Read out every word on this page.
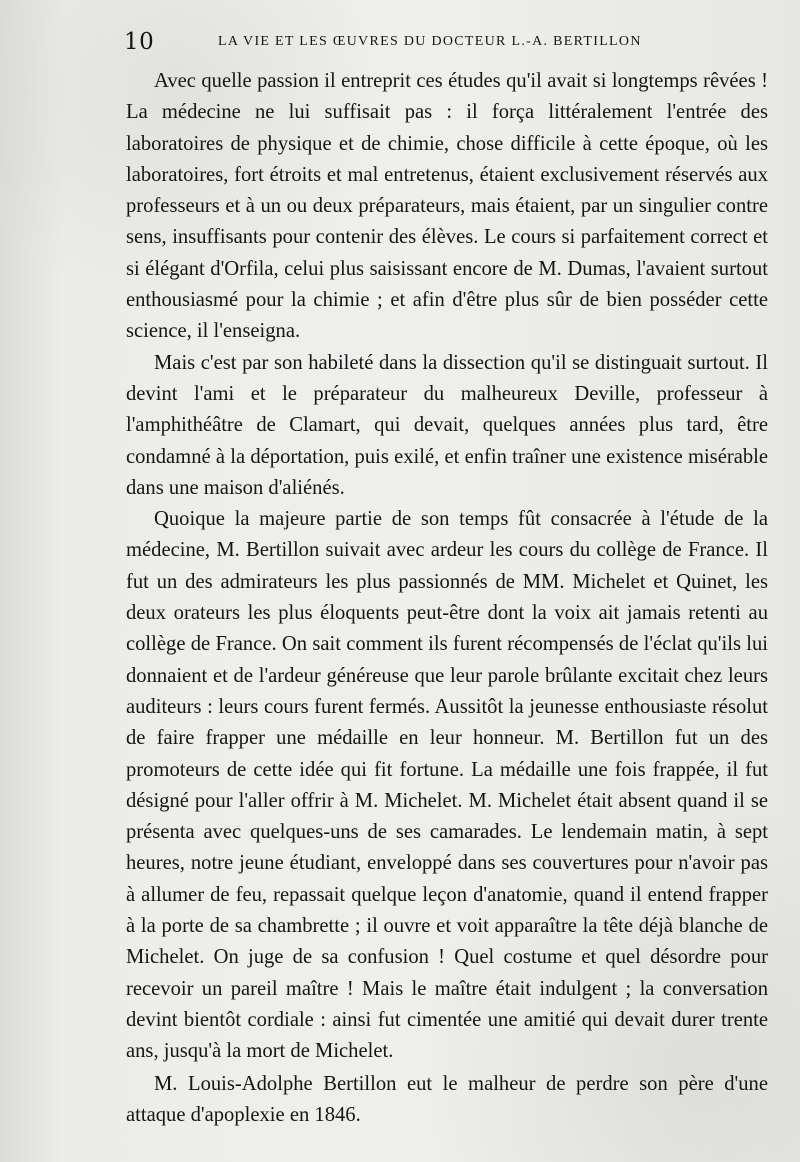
10	LA VIE ET LES ŒUVRES DU DOCTEUR L.-A. BERTILLON

Avec quelle passion il entreprit ces études qu'il avait si longtemps rêvées ! La médecine ne lui suffisait pas : il força littéralement l'entrée des laboratoires de physique et de chimie, chose difficile à cette époque, où les laboratoires, fort étroits et mal entretenus, étaient exclusivement réservés aux professeurs et à un ou deux préparateurs, mais étaient, par un singulier contre sens, insuffisants pour contenir des élèves. Le cours si parfaitement correct et si élégant d'Orfila, celui plus saisissant encore de M. Dumas, l'avaient surtout enthousiasmé pour la chimie ; et afin d'être plus sûr de bien posséder cette science, il l'enseigna.

Mais c'est par son habileté dans la dissection qu'il se distinguait surtout. Il devint l'ami et le préparateur du malheureux Deville, professeur à l'amphithéâtre de Clamart, qui devait, quelques années plus tard, être condamné à la déportation, puis exilé, et enfin traîner une existence misérable dans une maison d'aliénés.

Quoique la majeure partie de son temps fût consacrée à l'étude de la médecine, M. Bertillon suivait avec ardeur les cours du collège de France. Il fut un des admirateurs les plus passionnés de MM. Michelet et Quinet, les deux orateurs les plus éloquents peut-être dont la voix ait jamais retenti au collège de France. On sait comment ils furent récompensés de l'éclat qu'ils lui donnaient et de l'ardeur généreuse que leur parole brûlante excitait chez leurs auditeurs : leurs cours furent fermés. Aussitôt la jeunesse enthousiaste résolut de faire frapper une médaille en leur honneur. M. Bertillon fut un des promoteurs de cette idée qui fit fortune. La médaille une fois frappée, il fut désigné pour l'aller offrir à M. Michelet. M. Michelet était absent quand il se présenta avec quelques-uns de ses camarades. Le lendemain matin, à sept heures, notre jeune étudiant, enveloppé dans ses couvertures pour n'avoir pas à allumer de feu, repassait quelque leçon d'anatomie, quand il entend frapper à la porte de sa chambrette ; il ouvre et voit apparaître la tête déjà blanche de Michelet. On juge de sa confusion ! Quel costume et quel désordre pour recevoir un pareil maître ! Mais le maître était indulgent ; la conversation devint bientôt cordiale : ainsi fut cimentée une amitié qui devait durer trente ans, jusqu'à la mort de Michelet.

M. Louis-Adolphe Bertillon eut le malheur de perdre son père d'une attaque d'apoplexie en 1846.
